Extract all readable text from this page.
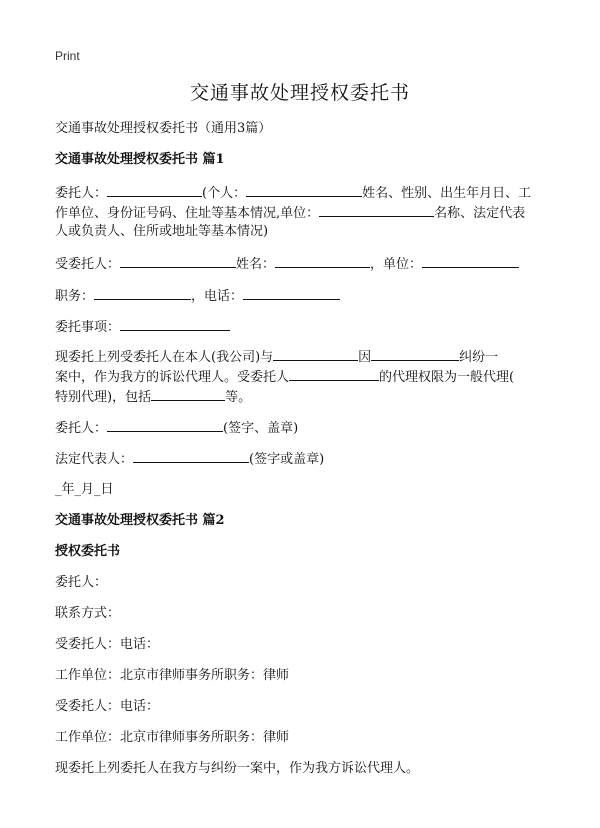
Print
交通事故处理授权委托书
交通事故处理授权委托书（通用3篇）
交通事故处理授权委托书 篇1
委托人：	(个人：	姓名、性别、出生年月日、工
作单位、身份证号码、住址等基本情况,单位：	名称、法定代表
人或负责人、住所或地址等基本情况)
受委托人：	姓名：	，单位：
职务：	，电话：
委托事项：
现委托上列受委托人在本人(我公司)与	因	纠纷一
案中，作为我方的诉讼代理人。受委托人	的代理权限为一般代理(
特别代理)，包括	等。
委托人：	(签字、盖章)
法定代表人：	(签字或盖章)
_年_月_日
交通事故处理授权委托书 篇2
授权委托书
委托人：
联系方式：
受委托人：电话：
工作单位：北京市律师事务所职务：律师
受委托人：电话：
工作单位：北京市律师事务所职务：律师
现委托上列委托人在我方与纠纷一案中，作为我方诉讼代理人。
